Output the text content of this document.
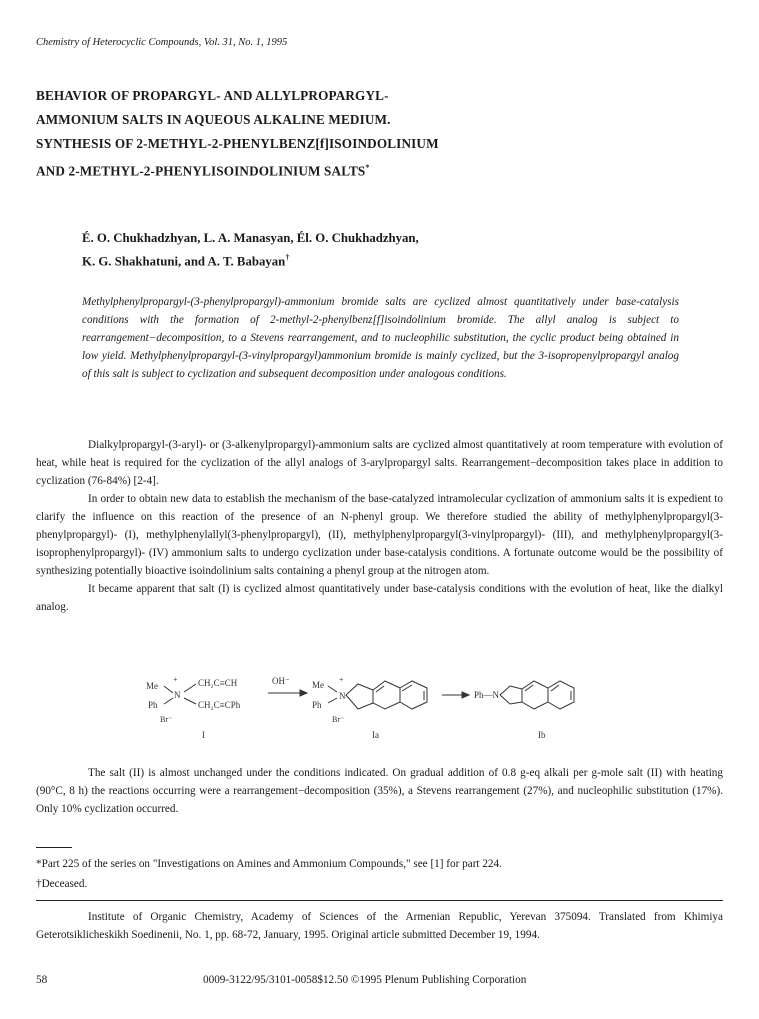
Chemistry of Heterocyclic Compounds, Vol. 31, No. 1, 1995
BEHAVIOR OF PROPARGYL- AND ALLYLPROPARGYL-
AMMONIUM SALTS IN AQUEOUS ALKALINE MEDIUM.
SYNTHESIS OF 2-METHYL-2-PHENYLBENZ[f]ISOINDOLINIUM
AND 2-METHYL-2-PHENYLISOINDOLINIUM SALTS*
É. O. Chukhadzhyan, L. A. Manasyan, Él. O. Chukhadzhyan,
K. G. Shakhatuni, and A. T. Babayan†
Methylphenylpropargyl-(3-phenylpropargyl)-ammonium bromide salts are cyclized almost quantitatively under base-catalysis conditions with the formation of 2-methyl-2-phenylbenz[f]isoindolinium bromide. The allyl analog is subject to rearrangement−decomposition, to a Stevens rearrangement, and to nucleophilic substitution, the cyclic product being obtained in low yield. Methylphenylpropargyl-(3-vinylpropargyl)ammonium bromide is mainly cyclized, but the 3-isopropenylpropargyl analog of this salt is subject to cyclization and subsequent decomposition under analogous conditions.

Dialkylpropargyl-(3-aryl)- or (3-alkenylpropargyl)-ammonium salts are cyclized almost quantitatively at room temperature with evolution of heat, while heat is required for the cyclization of the allyl analogs of 3-arylpropargyl salts. Rearrangement−decomposition takes place in addition to cyclization (76-84%) [2-4].

In order to obtain new data to establish the mechanism of the base-catalyzed intramolecular cyclization of ammonium salts it is expedient to clarify the influence on this reaction of the presence of an N-phenyl group. We therefore studied the ability of methylphenylpropargyl(3-phenylpropargyl)- (I), methylphenylallyl(3-phenylpropargyl), (II), methylphenylpropargyl(3-vinylpropargyl)- (III), and methylphenylpropargyl(3-isoprophenylpropargyl)- (IV) ammonium salts to undergo cyclization under base-catalysis conditions. A fortunate outcome would be the possibility of synthesizing potentially bioactive isoindolinium salts containing a phenyl group at the nitrogen atom.

It became apparent that salt (I) is cyclized almost quantitatively under base-catalysis conditions with the evolution of heat, like the dialkyl analog.

Me
+
N
Ph
CH₂C≡CH
CH₂C≡CPh
Br⁻
I
OH⁻ Me
+
N
Ph
Br⁻
Ia
Ph—N
Ib

The salt (II) is almost unchanged under the conditions indicated. On gradual addition of 0.8 g-eq alkali per g-mole salt (II) with heating (90°C, 8 h) the reactions occurring were a rearrangement−decomposition (35%), a Stevens rearrangement (27%), and nucleophilic substitution (17%). Only 10% cyclization occurred.

*Part 225 of the series on "Investigations on Amines and Ammonium Compounds," see [1] for part 224.
†Deceased.

Institute of Organic Chemistry, Academy of Sciences of the Armenian Republic, Yerevan 375094. Translated from Khimiya Geterotsiklicheskikh Soedinenii, No. 1, pp. 68-72, January, 1995. Original article submitted December 19, 1994.

58	0009-3122/95/3101-0058$12.50 ©1995 Plenum Publishing Corporation
